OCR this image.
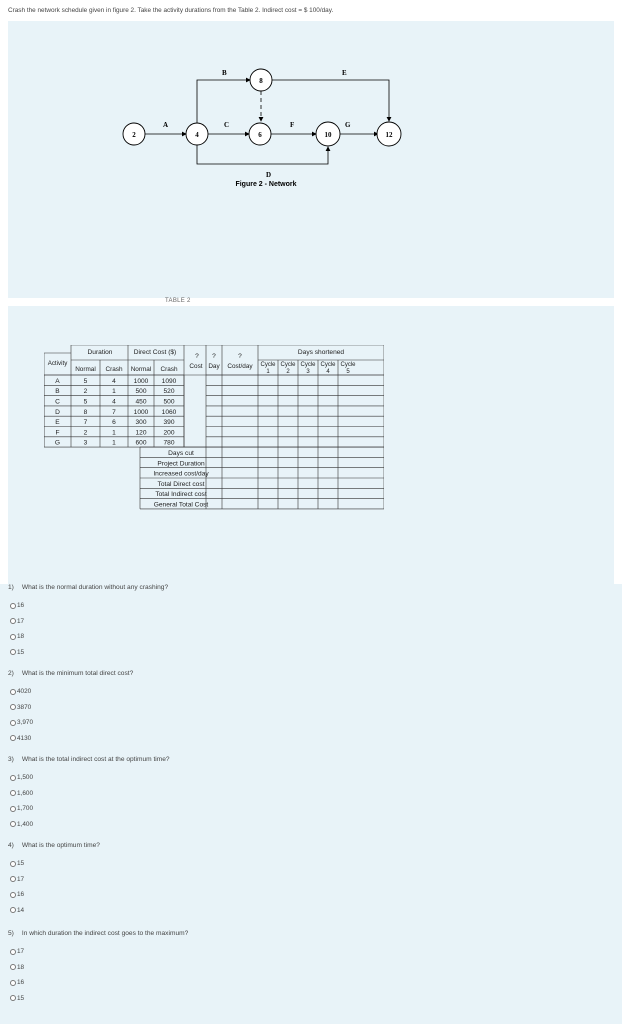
Crash the network schedule given in figure 2. Take the activity durations from the Table 2. Indirect cost = $ 100/day.
A
B
C
D
E
F	G
2	4	6
8
10	12
Figure 2 - Network
TABLE 2
Activity
Duration	Direct Cost ($)
Normal Crash Normal Crash
? ?	?
Cost Day Cost/day
Days shortened
Cycle
1
Cycle
2
Cycle
3
Cycle
4
Cycle
5
A	5	4	1000 1090
B	2	1	500	520
C	5	4	450	500
D	8	7	1000 1060
E	7	6	300	390
F	2	1	120	200
G	3	1	600	780
Days cut
Project Duration
Increased cost/day
Total Direct cost
Total Indirect cost
General Total Cost
1) What is the normal duration without any crashing?
16
17
18
15
2) What is the minimum total direct cost?
4020
3870
3,970
4130
3) What is the total indirect cost at the optimum time?
1,500
1,600
1,700
1,400
4) What is the optimum time?
15
17
16
14
5) In which duration the indirect cost goes to the maximum?
17
18
16
15
